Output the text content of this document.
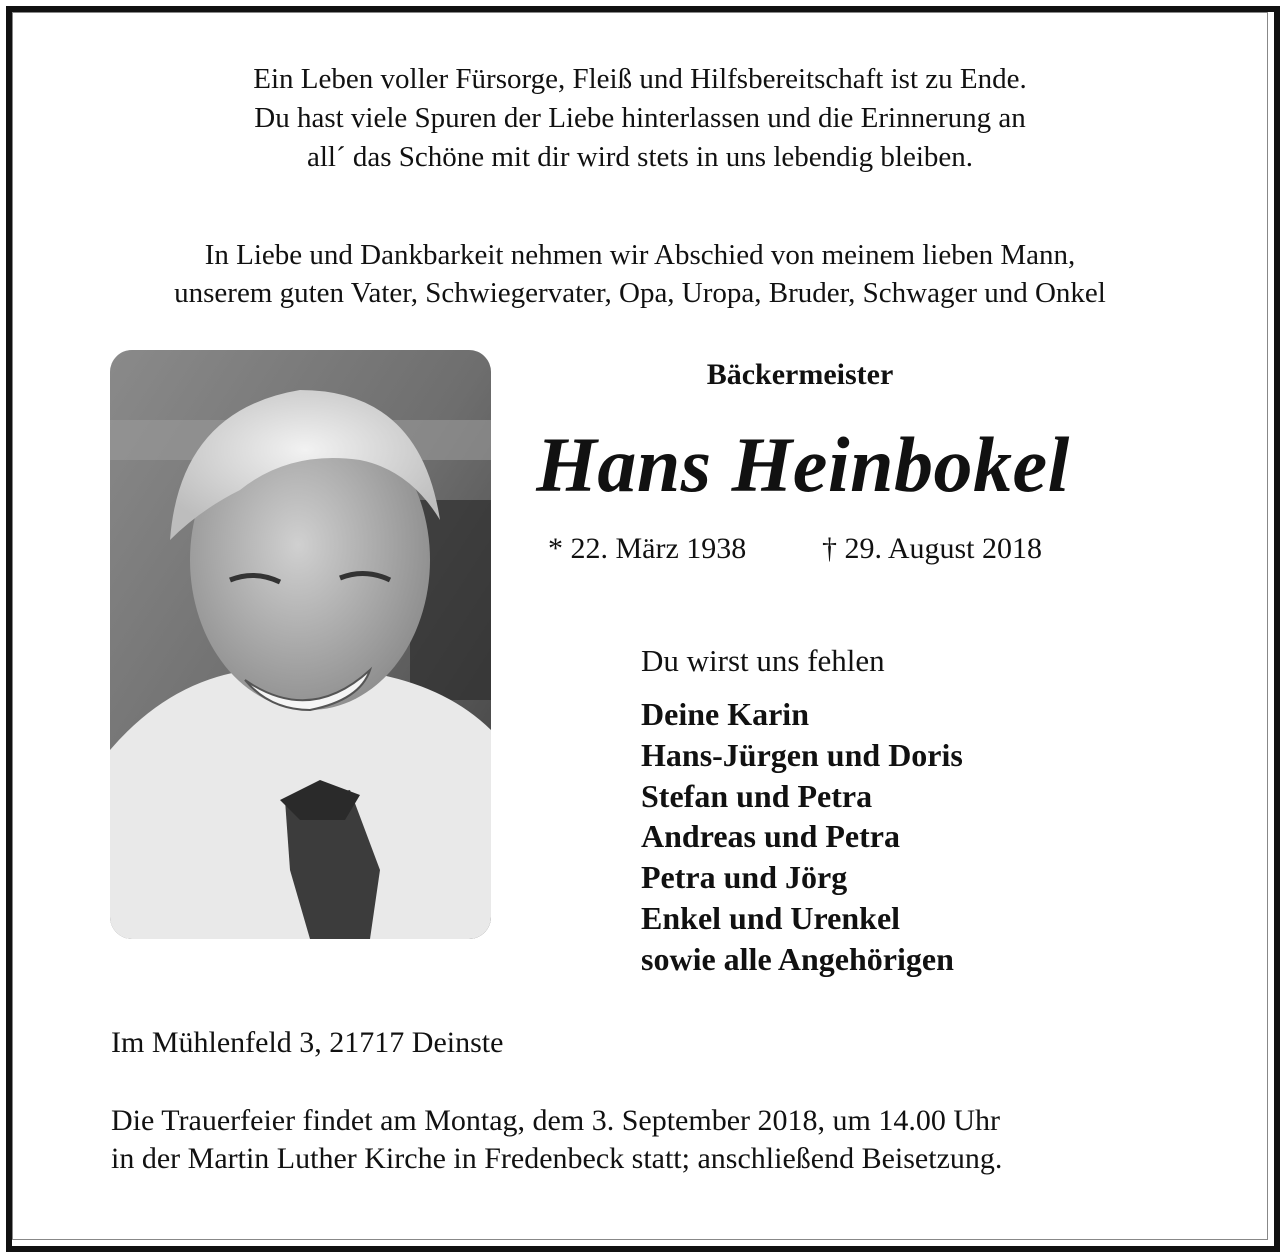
Ein Leben voller Fürsorge, Fleiß und Hilfsbereitschaft ist zu Ende.
Du hast viele Spuren der Liebe hinterlassen und die Erinnerung an
all´ das Schöne mit dir wird stets in uns lebendig bleiben.
In Liebe und Dankbarkeit nehmen wir Abschied von meinem lieben Mann,
unserem guten Vater, Schwiegervater, Opa, Uropa, Bruder, Schwager und Onkel
Bäckermeister
Hans Heinbokel
* 22. März 1938	† 29. August 2018
Du wirst uns fehlen
Deine Karin
Hans-Jürgen und Doris
Stefan und Petra
Andreas und Petra
Petra und Jörg
Enkel und Urenkel
sowie alle Angehörigen
Im Mühlenfeld 3, 21717 Deinste
Die Trauerfeier findet am Montag, dem 3. September 2018, um 14.00 Uhr
in der Martin Luther Kirche in Fredenbeck statt; anschließend Beisetzung.
